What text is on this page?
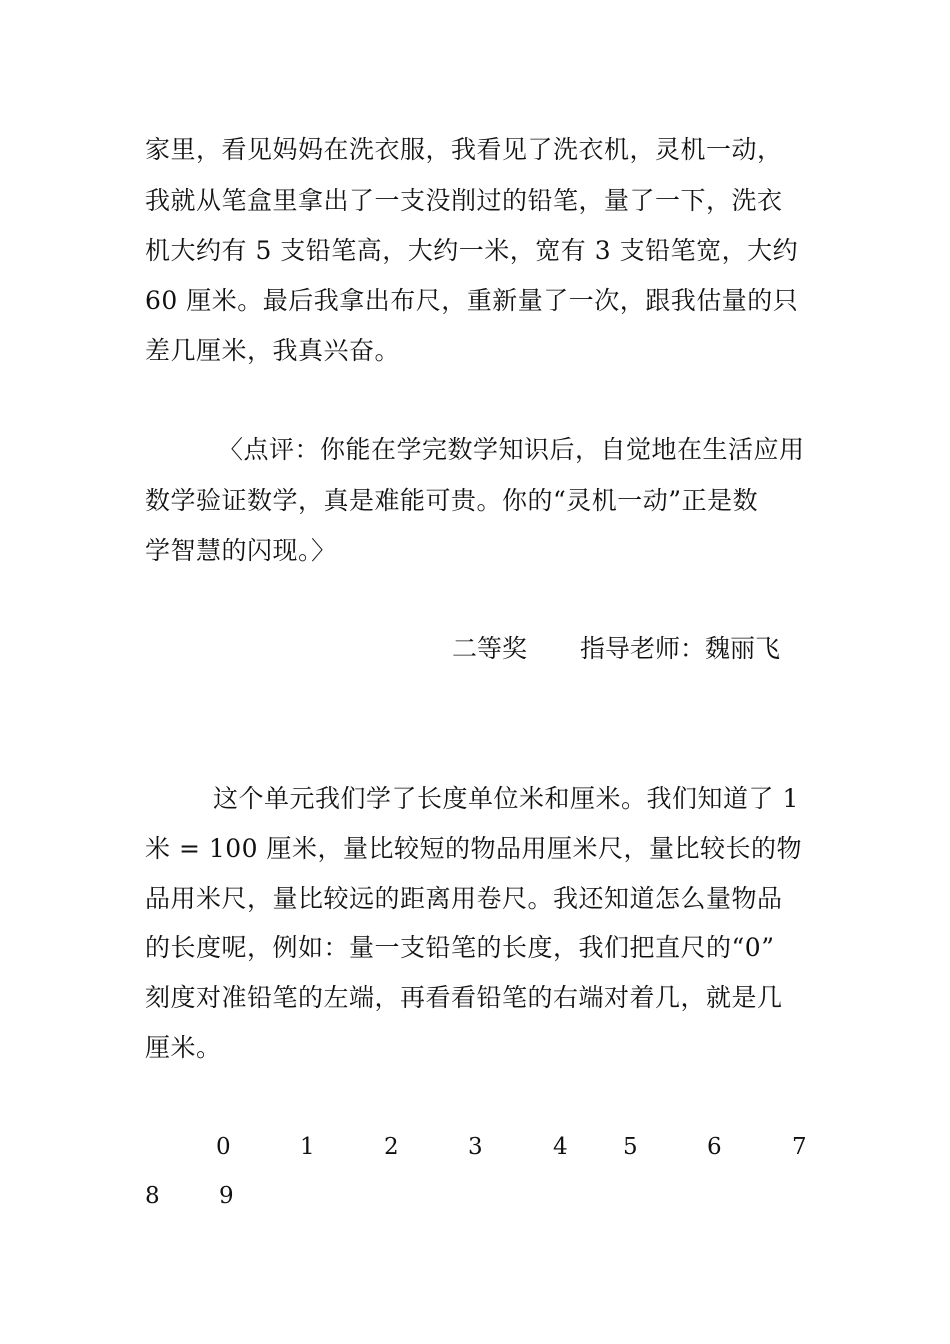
家里，看见妈妈在洗衣服，我看见了洗衣机，灵机一动，
我就从笔盒里拿出了一支没削过的铅笔，量了一下，洗衣
机大约有 5 支铅笔高，大约一米，宽有 3 支铅笔宽，大约
60 厘米。最后我拿出布尺，重新量了一次，跟我估量的只
差几厘米，我真兴奋。
〈点评：你能在学完数学知识后，自觉地在生活应用
数学验证数学，真是难能可贵。你的“灵机一动”正是数
学智慧的闪现。〉
二等奖 指导老师：魏丽飞
这个单元我们学了长度单位米和厘米。我们知道了 1
米 = 100 厘米，量比较短的物品用厘米尺，量比较长的物
品用米尺，量比较远的距离用卷尺。我还知道怎么量物品
的长度呢，例如：量一支铅笔的长度，我们把直尺的“0”
刻度对准铅笔的左端，再看看铅笔的右端对着几，就是几
厘米。
0	1	2	3	4 5	6	7
8	9
